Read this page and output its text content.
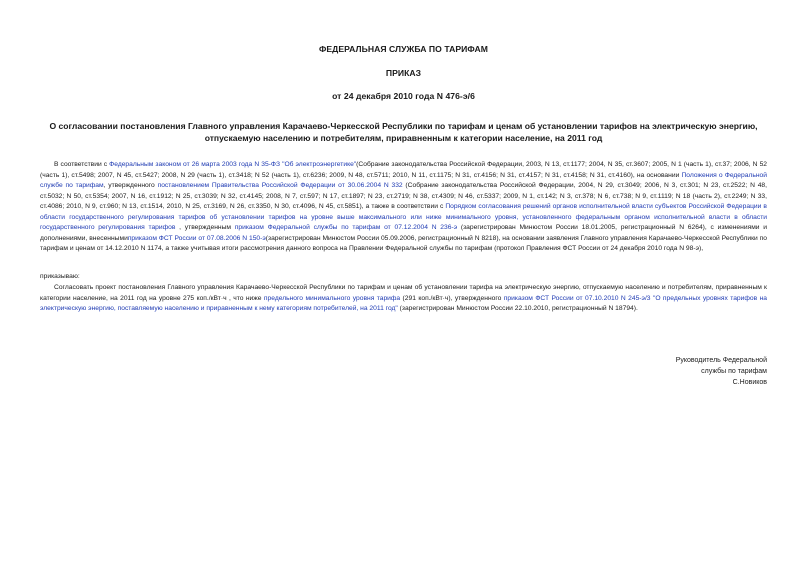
ФЕДЕРАЛЬНАЯ СЛУЖБА ПО ТАРИФАМ
ПРИКАЗ
от 24 декабря 2010 года N 476-э/6
О согласовании постановления Главного управления Карачаево-Черкесской Республики по тарифам и ценам об установлении тарифов на электрическую энергию, отпускаемую населению и потребителям, приравненным к категории население, на 2011 год
В соответствии с Федеральным законом от 26 марта 2003 года N 35-ФЗ "Об электроэнергетике"(Собрание законодательства Российской Федерации, 2003, N 13, ст.1177; 2004, N 35, ст.3607; 2005, N 1 (часть 1), ст.37; 2006, N 52 (часть 1), ст.5498; 2007, N 45, ст.5427; 2008, N 29 (часть 1), ст.3418; N 52 (часть 1), ст.6236; 2009, N 48, ст.5711; 2010, N 11, ст.1175; N 31, ст.4156; N 31, ст.4157; N 31, ст.4158; N 31, ст.4160), на основании Положения о Федеральной службе по тарифам, утвержденного постановлением Правительства Российской Федерации от 30.06.2004 N 332 (Собрание законодательства Российской Федерации, 2004, N 29, ст.3049; 2006, N 3, ст.301; N 23, ст.2522; N 48, ст.5032; N 50, ст.5354; 2007, N 16, ст.1912; N 25, ст.3039; N 32, ст.4145; 2008, N 7, ст.597; N 17, ст.1897; N 23, ст.2719; N 38, ст.4309; N 46, ст.5337; 2009, N 1, ст.142; N 3, ст.378; N 6, ст.738; N 9, ст.1119; N 18 (часть 2), ст.2249; N 33, ст.4086; 2010, N 9, ст.960; N 13, ст.1514, 2010, N 25, ст.3169, N 26, ст.3350, N 30, ст.4096, N 45, ст.5851), а также в соответствии с Порядком согласования решений органов исполнительной власти субъектов Российской Федерации в области государственного регулирования тарифов об установлении тарифов на уровне выше максимального или ниже минимального уровня, установленного федеральным органом исполнительной власти в области государственного регулирования тарифов , утвержденным приказом Федеральной службы по тарифам от 07.12.2004 N 236-э (зарегистрирован Минюстом России 18.01.2005, регистрационный N 6264), с изменениями и дополнениями, внесеннымиприказом ФСТ России от 07.08.2006 N 150-э(зарегистрирован Минюстом России 05.09.2006, регистрационный N 8218), на основании заявления Главного управления Карачаево-Черкесской Республики по тарифам и ценам от 14.12.2010 N 1174, а также учитывая итоги рассмотрения данного вопроса на Правлении Федеральной службы по тарифам (протокол Правления ФСТ России от 24 декабря 2010 года N 98-э),
приказываю:
Согласовать проект постановления Главного управления Карачаево-Черкесской Республики по тарифам и ценам об установлении тарифа на электрическую энергию, отпускаемую населению и потребителям, приравненным к категории население, на 2011 год на уровне 275 коп./кВт·ч , что ниже предельного минимального уровня тарифа (291 коп./кВт·ч), утвержденного приказом ФСТ России от 07.10.2010 N 245-э/3 "О предельных уровнях тарифов на электрическую энергию, поставляемую населению и приравненным к нему категориям потребителей, на 2011 год" (зарегистрирован Минюстом России 22.10.2010, регистрационный N 18794).
Руководитель Федеральной
службы по тарифам
С.Новиков
